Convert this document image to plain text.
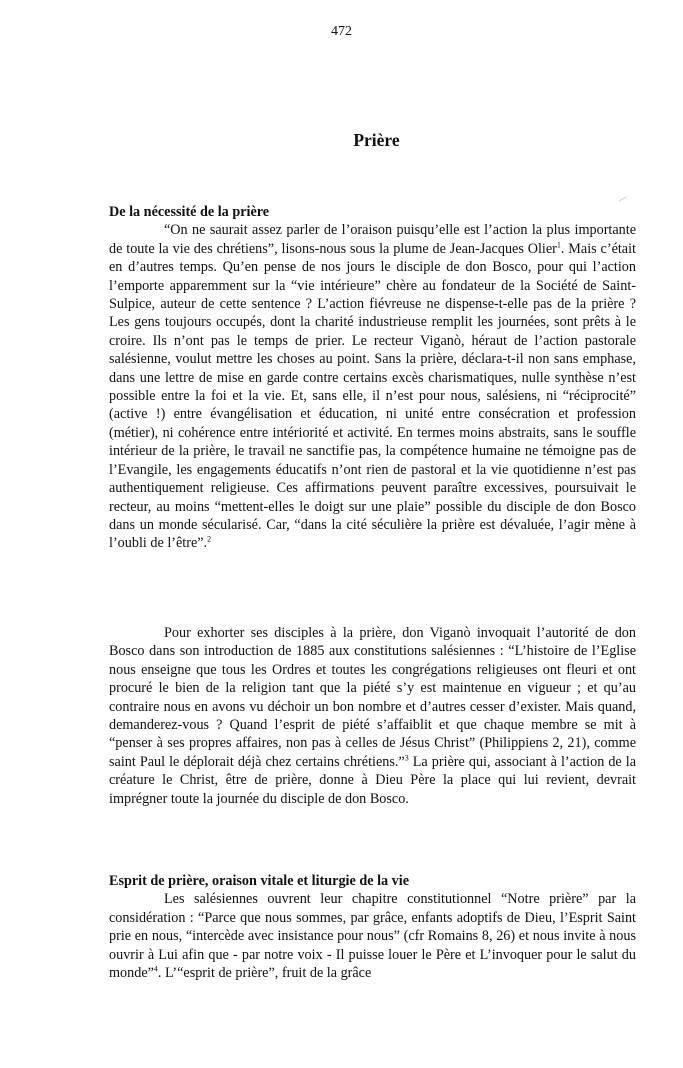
472
Prière
De la nécessité de la prière

“On ne saurait assez parler de l’oraison puisqu’elle est l’action la plus importante de toute la vie des chrétiens”, lisons-nous sous la plume de Jean-Jacques Olier$^1$. Mais c’était en d’autres temps. Qu’en pense de nos jours le disciple de don Bosco, pour qui l’action l’emporte apparemment sur la “vie intérieure” chère au fondateur de la Société de Saint-Sulpice, auteur de cette sentence ? L’action fiévreuse ne dispense-t-elle pas de la prière ? Les gens toujours occupés, dont la charité industrieuse remplit les journées, sont prêts à le croire. Ils n’ont pas le temps de prier. Le recteur Viganò, héraut de l’action pastorale salésienne, voulut mettre les choses au point. Sans la prière, déclara-t-il non sans emphase, dans une lettre de mise en garde contre certains excès charismatiques, nulle synthèse n’est possible entre la foi et la vie. Et, sans elle, il n’est pour nous, salésiens, ni “réciprocité” (active !) entre évangélisation et éducation, ni unité entre consécration et profession (métier), ni cohérence entre intériorité et activité. En termes moins abstraits, sans le souffle intérieur de la prière, le travail ne sanctifie pas, la compétence humaine ne témoigne pas de l’Evangile, les engagements éducatifs n’ont rien de pastoral et la vie quotidienne n’est pas authentiquement religieuse. Ces affirmations peuvent paraître excessives, poursuivait le recteur, au moins “mettent-elles le doigt sur une plaie” possible du disciple de don Bosco dans un monde sécularisé. Car, “dans la cité séculière la prière est dévaluée, l’agir mène à l’oubli de l’être”.$^2$

Pour exhorter ses disciples à la prière, don Viganò invoquait l’autorité de don Bosco dans son introduction de 1885 aux constitutions salésiennes : “L’histoire de l’Eglise nous enseigne que tous les Ordres et toutes les congrégations religieuses ont fleuri et ont procuré le bien de la religion tant que la piété s’y est maintenue en vigueur ; et qu’au contraire nous en avons vu déchoir un bon nombre et d’autres cesser d’exister. Mais quand, demanderez-vous ? Quand l’esprit de piété s’affaiblit et que chaque membre se mit à “penser à ses propres affaires, non pas à celles de Jésus Christ” (Philippiens 2, 21), comme saint Paul le déplorait déjà chez certains chrétiens.”$^3$ La prière qui, associant à l’action de la créature le Christ, être de prière, donne à Dieu Père la place qui lui revient, devrait imprégner toute la journée du disciple de don Bosco.

Esprit de prière, oraison vitale et liturgie de la vie

Les salésiennes ouvrent leur chapitre constitutionnel “Notre prière” par la considération : “Parce que nous sommes, par grâce, enfants adoptifs de Dieu, l’Esprit Saint prie en nous, “intercède avec insistance pour nous” (cfr Romains 8, 26) et nous invite à nous ouvrir à Lui afin que - par notre voix - Il puisse louer le Père et L’invoquer pour le salut du monde”$^4$. L’“esprit de prière”, fruit de la grâce
